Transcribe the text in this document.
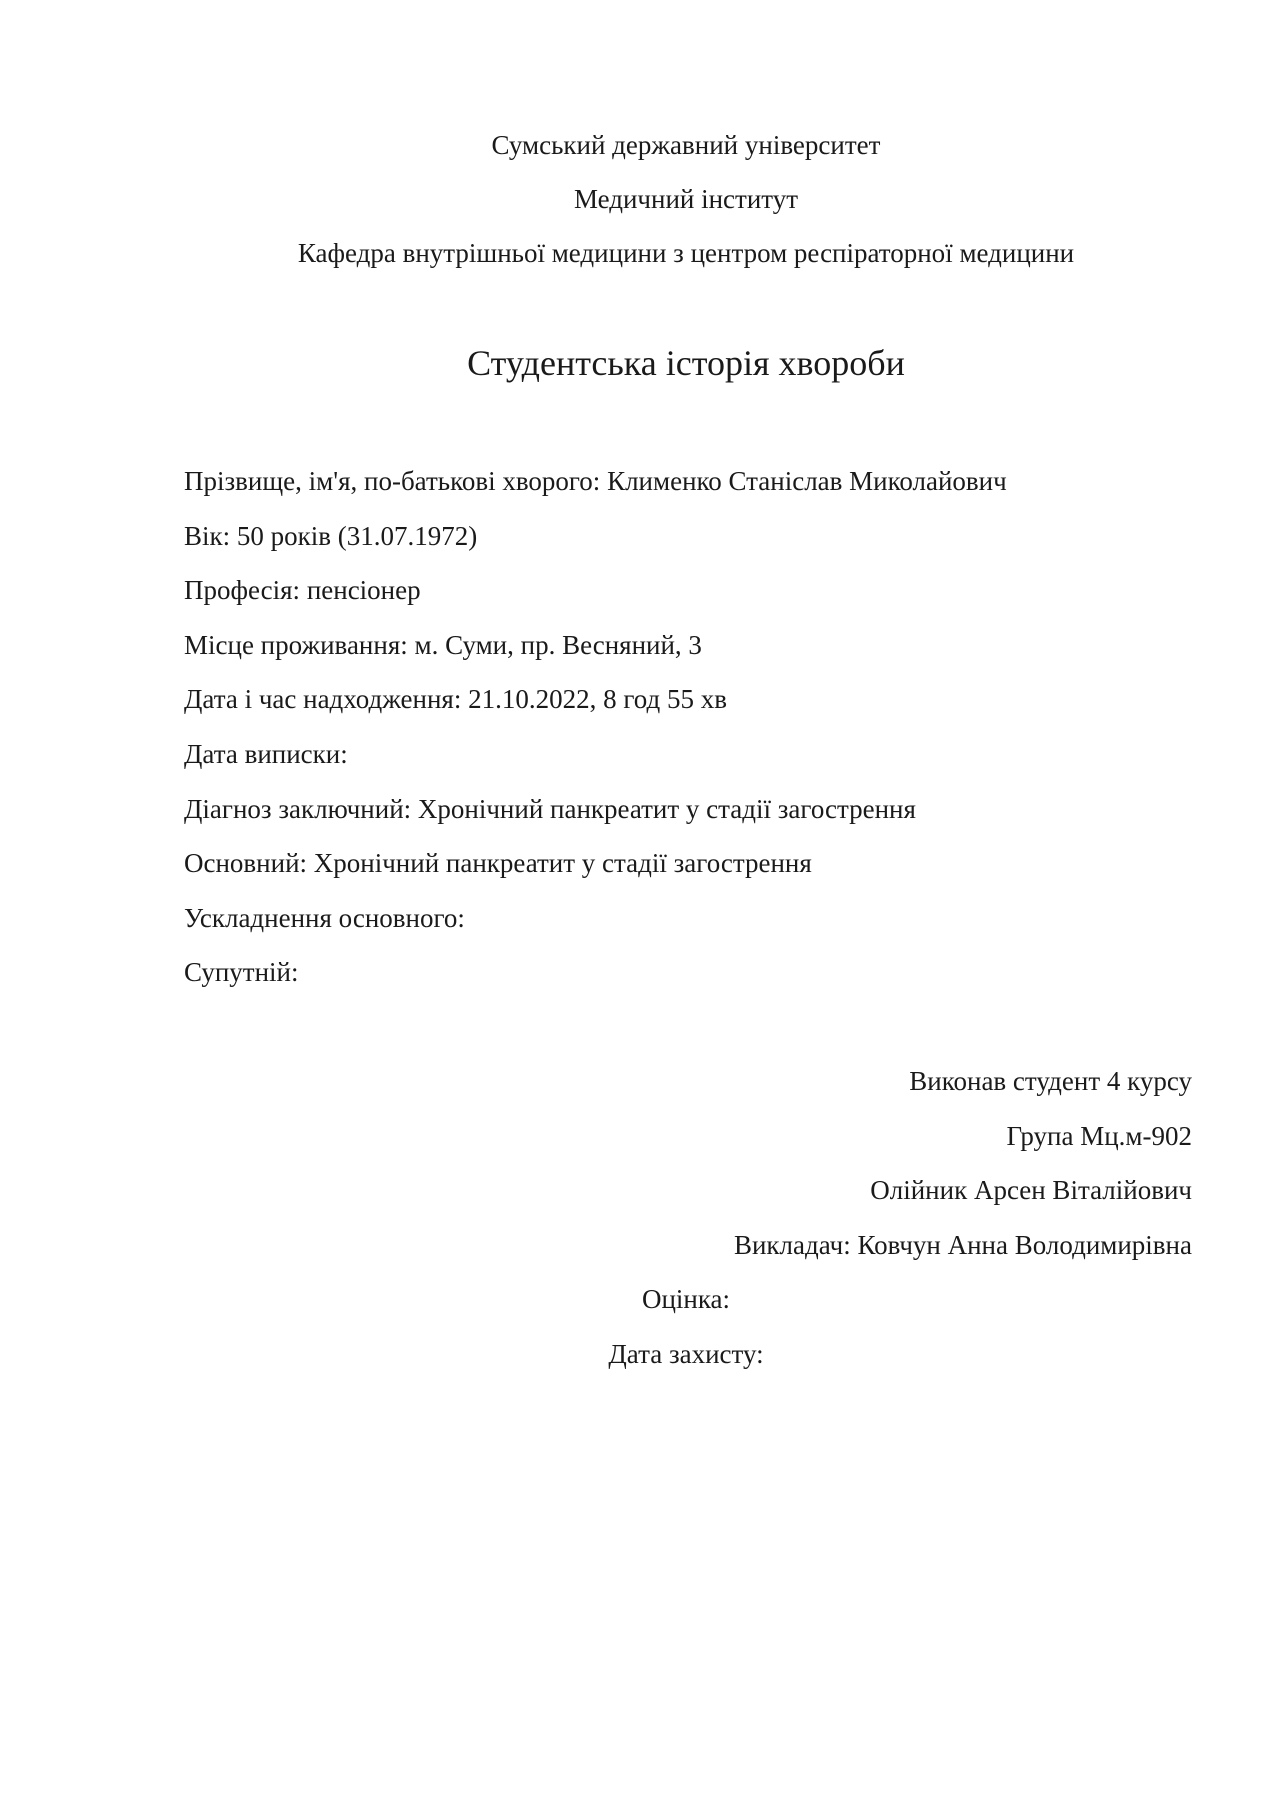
Сумський державний університет
Медичний інститут
Кафедра внутрішньої медицини з центром респіраторної медицини
Студентська історія хвороби
Прізвище, ім'я, по-батькові хворого: Клименко Станіслав Миколайович
Вік: 50 років (31.07.1972)
Професія: пенсіонер
Місце проживання: м. Суми, пр. Весняний, 3
Дата і час надходження: 21.10.2022, 8 год 55 хв
Дата виписки:
Діагноз заключний: Хронічний панкреатит у стадії загострення
Основний: Хронічний панкреатит у стадії загострення
Ускладнення основного:
Супутній:
Виконав студент 4 курсу
Група Мц.м-902
Олійник Арсен Віталійович
Викладач: Ковчун Анна Володимирівна
Оцінка:
Дата захисту:
